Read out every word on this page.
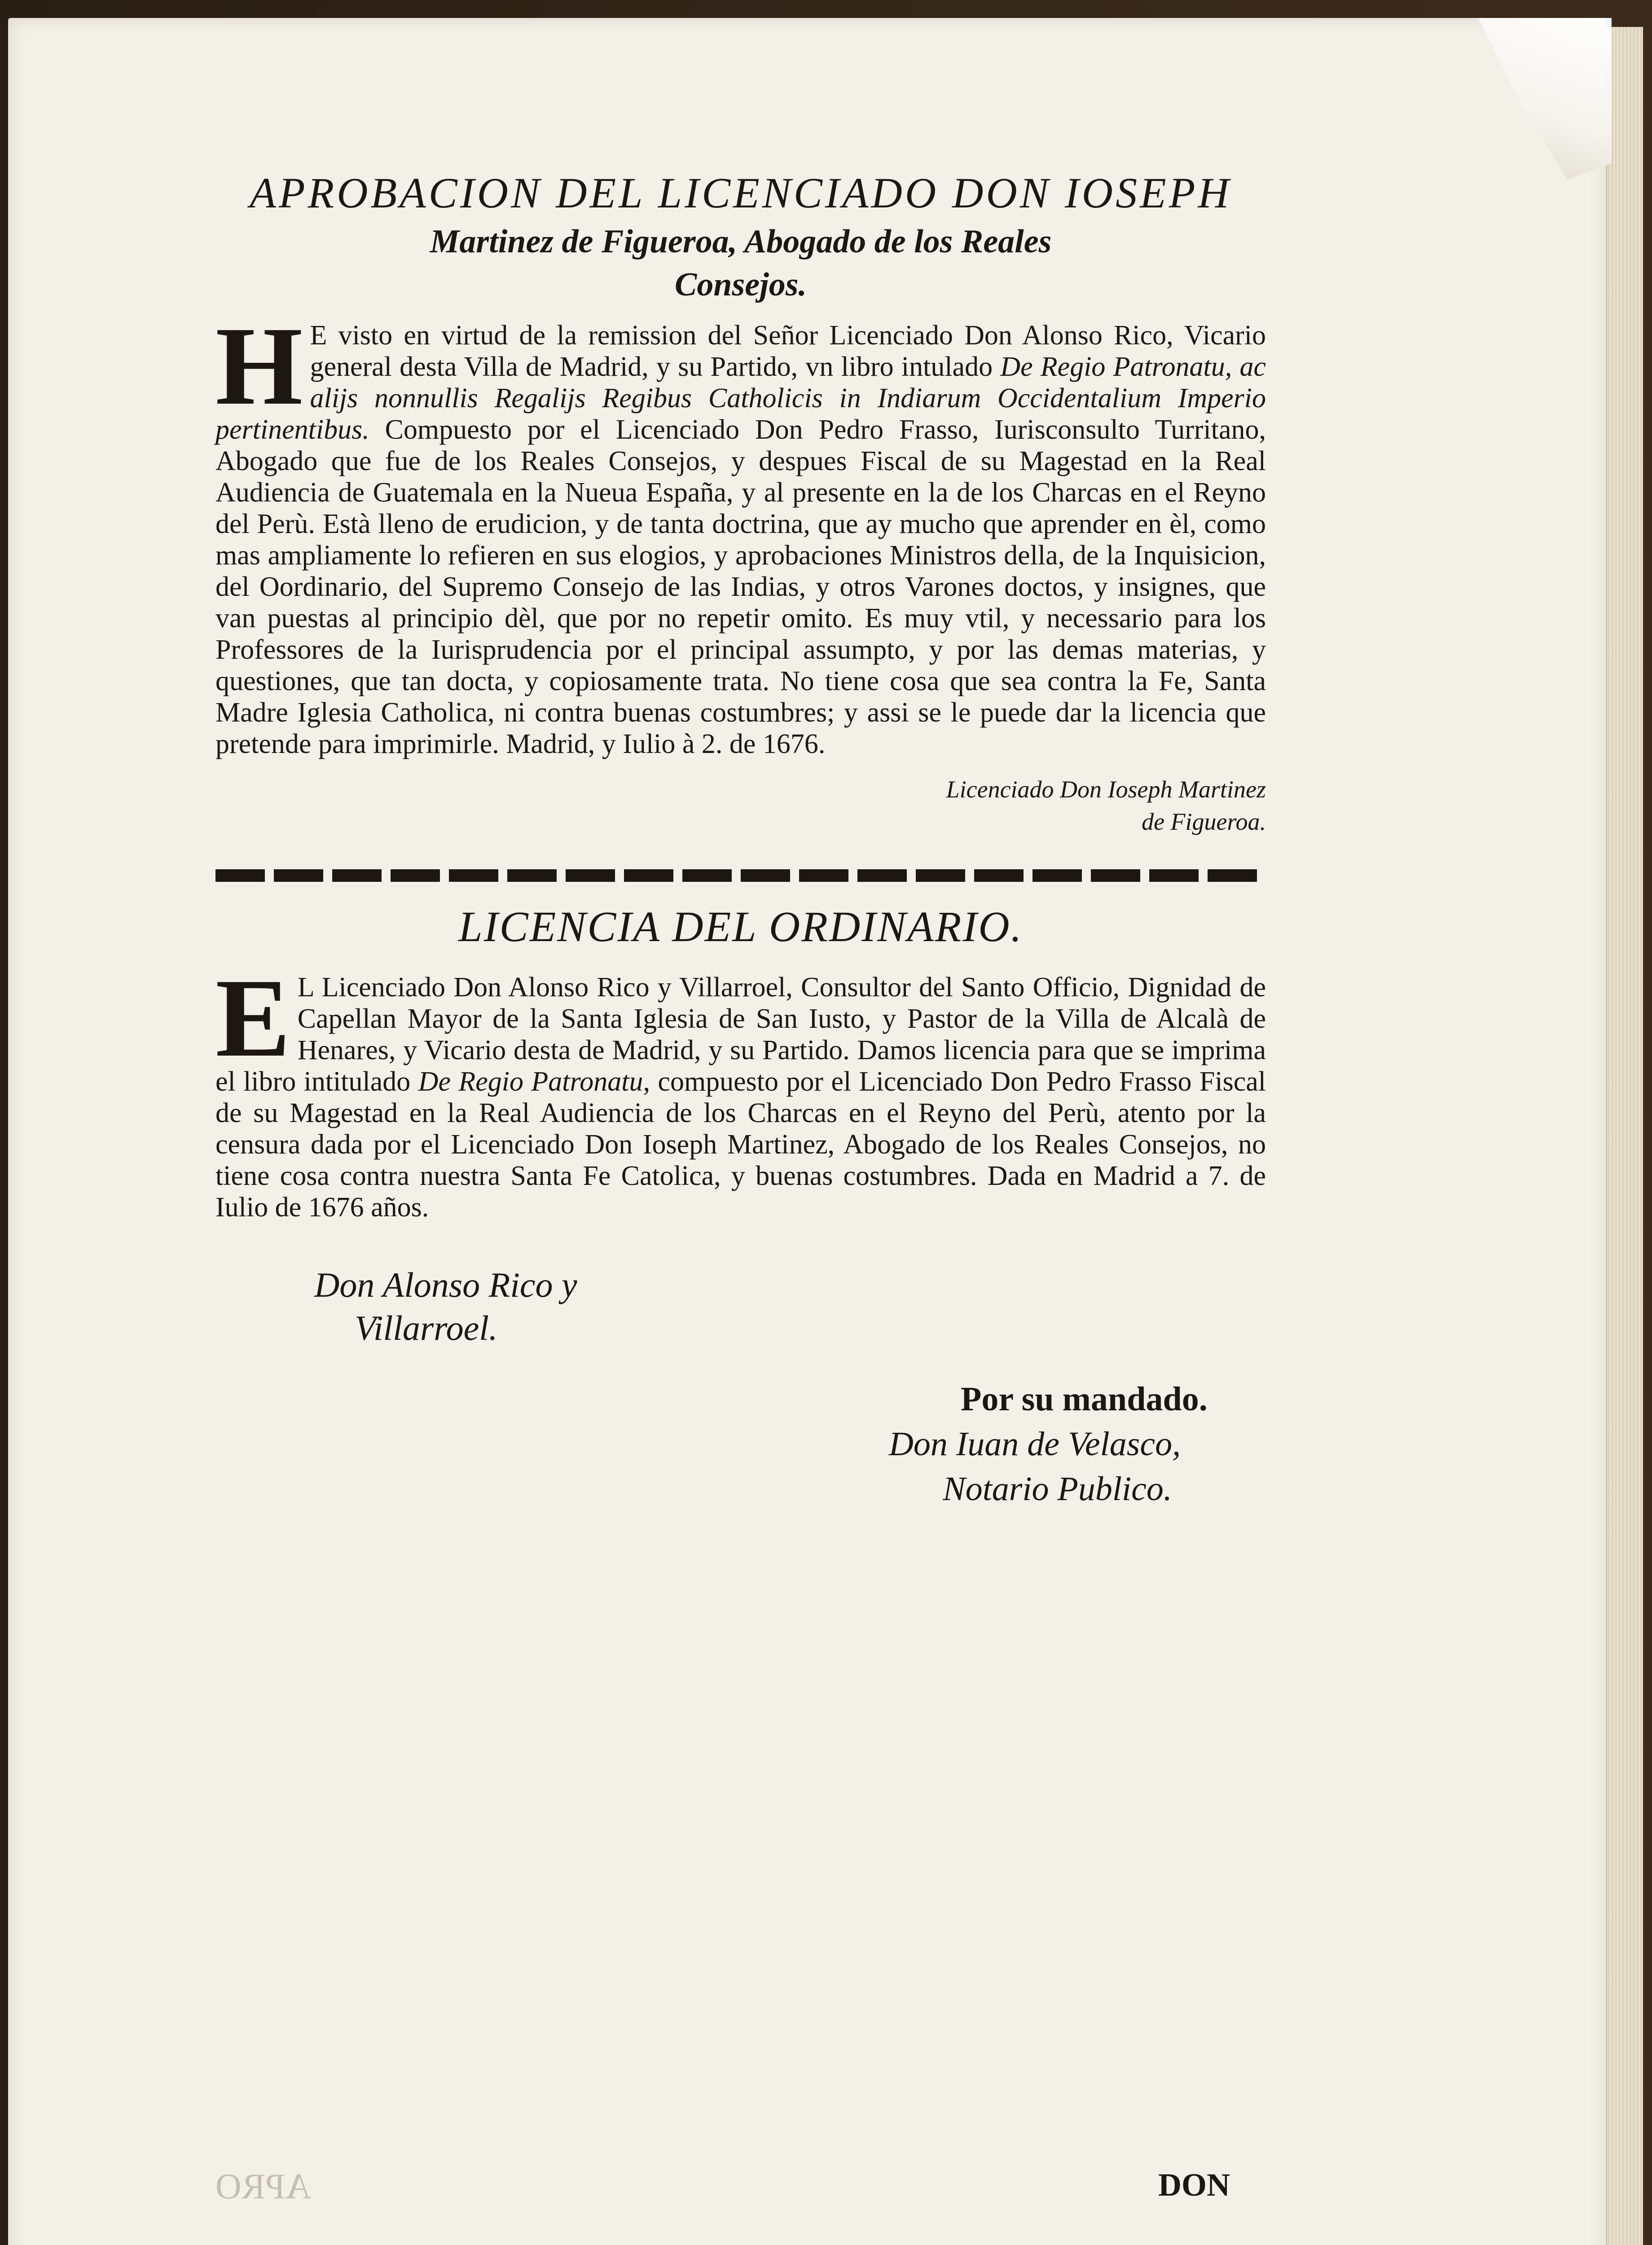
APROBACION DEL LICENCIADO DON IOSEPH

Martinez de Figueroa, Abogado de los Reales

Consejos.

H E visto en virtud de la remission del Señor Licenciado Don Alonso Rico, Vicario general desta Villa de Madrid, y su Partido, vn libro intulado De Regio Patronatu, ac alijs nonnullis Regalijs Regibus Catholicis in Indiarum Occidentalium Imperio pertinentibus. Compuesto por el Licenciado Don Pedro Frasso, Iurisconsulto Turritano, Abogado que fue de los Reales Consejos, y despues Fiscal de su Magestad en la Real Audiencia de Guatemala en la Nueua España, y al presente en la de los Charcas en el Reyno del Perù. Està lleno de erudicion, y de tanta doctrina, que ay mucho que aprender en èl, como mas ampliamente lo refieren en sus elogios, y aprobaciones Ministros della, de la Inquisicion, del Oordinario, del Supremo Consejo de las Indias, y otros Varones doctos, y insignes, que van puestas al principio dèl, que por no repetir omito. Es muy vtil, y necessario para los Professores de la Iurisprudencia por el principal assumpto, y por las demas materias, y questiones, que tan docta, y copiosamente trata. No tiene cosa que sea contra la Fe, Santa Madre Iglesia Catholica, ni contra buenas costumbres; y assi se le puede dar la licencia que pretende para imprimirle. Madrid, y Iulio à 2. de 1676.

Licenciado Don Ioseph Martinez
de Figueroa.

LICENCIA DEL ORDINARIO.

E L Licenciado Don Alonso Rico y Villarroel, Consultor del Santo Officio, Dignidad de Capellan Mayor de la Santa Iglesia de San Iusto, y Pastor de la Villa de Alcalà de Henares, y Vicario desta de Madrid, y su Partido. Damos licencia para que se imprima el libro intitulado De Regio Patronatu, compuesto por el Licenciado Don Pedro Frasso Fiscal de su Magestad en la Real Audiencia de los Charcas en el Reyno del Perù, atento por la censura dada por el Licenciado Don Ioseph Martinez, Abogado de los Reales Consejos, no tiene cosa contra nuestra Santa Fe Catolica, y buenas costumbres. Dada en Madrid a 7. de Iulio de 1676 años.

Don Alonso Rico y
Villarroel.
Por su mandado.
Don Iuan de Velasco,
Notario Publico.
APRO	DON
